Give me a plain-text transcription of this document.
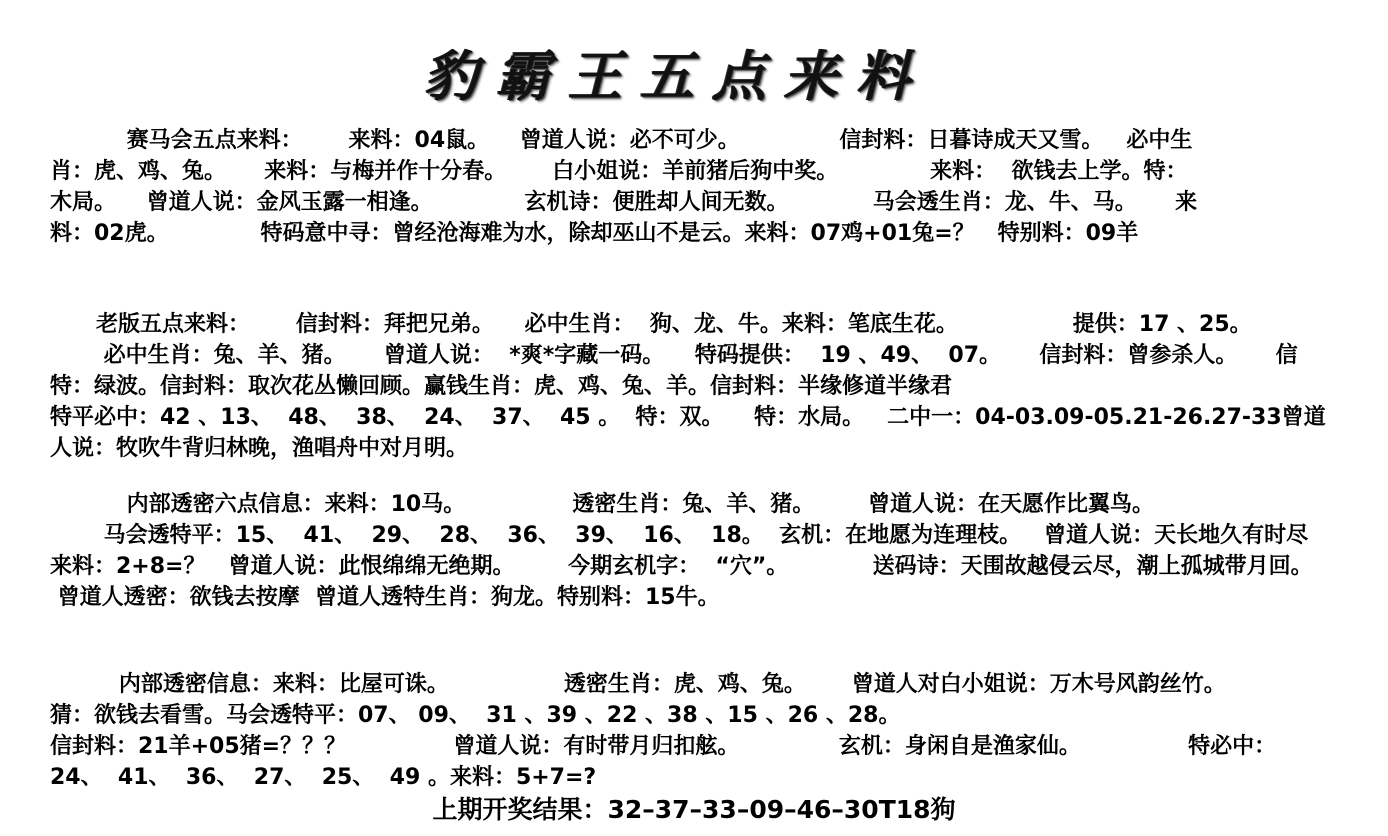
豹霸王五点来料
赛马会五点来料：      来料：04鼠。    曾道人说：必不可少。             信封料：日暮诗成天又雪。   必中生
肖：虎、鸡、兔。     来料：与梅并作十分春。      白小姐说：羊前猪后狗中奖。            来料：  欲钱去上学。特：
木局。    曾道人说：金风玉露一相逢。            玄机诗：便胜却人间无数。           马会透生肖：龙、牛、马。     来
料：02虎。            特码意中寻：曾经沧海难为水，除却巫山不是云。来料：07鸡+01兔=？   特别料：09羊
老版五点来料：      信封料：拜把兄弟。    必中生肖：  狗、龙、牛。来料：笔底生花。               提供：17 、25。
必中生肖：兔、羊、猪。     曾道人说：  *爽*字藏一码。    特码提供：  19 、49、  07。     信封料：曾参杀人。     信
特：绿波。信封料：取次花丛懒回顾。赢钱生肖：虎、鸡、兔、羊。信封料：半缘修道半缘君
特平必中：42 、13、  48、  38、  24、  37、  45 。  特：双。    特：水局。   二中一：04-03.09-05.21-26.27-33曾道
人说：牧吹牛背归林晚，渔唱舟中对月明。
内部透密六点信息：来料：10马。              透密生肖：兔、羊、猪。       曾道人说：在天愿作比翼鸟。
马会透特平：15、  41、  29、  28、  36、  39、  16、  18。  玄机：在地愿为连理枝。   曾道人说：天长地久有时尽
来料：2+8=？   曾道人说：此恨绵绵无绝期。       今期玄机字：  “穴”。           送码诗：天围故越侵云尽，潮上孤城带月回。
曾道人透密：欲钱去按摩  曾道人透特生肖：狗龙。特别料：15牛。
内部透密信息：来料：比屋可诛。               透密生肖：虎、鸡、兔。      曾道人对白小姐说：万木号风韵丝竹。
猜：欲钱去看雪。马会透特平：07、 09、  31 、39 、22 、38 、15 、26 、28。
信封料：21羊+05猪=？？？              曾道人说：有时带月归扣舷。             玄机：身闲自是渔家仙。              特必中：
24、  41、  36、  27、  25、  49 。来料：5+7=?
上期开奖结果：32–37–33–09–46–30T18狗
